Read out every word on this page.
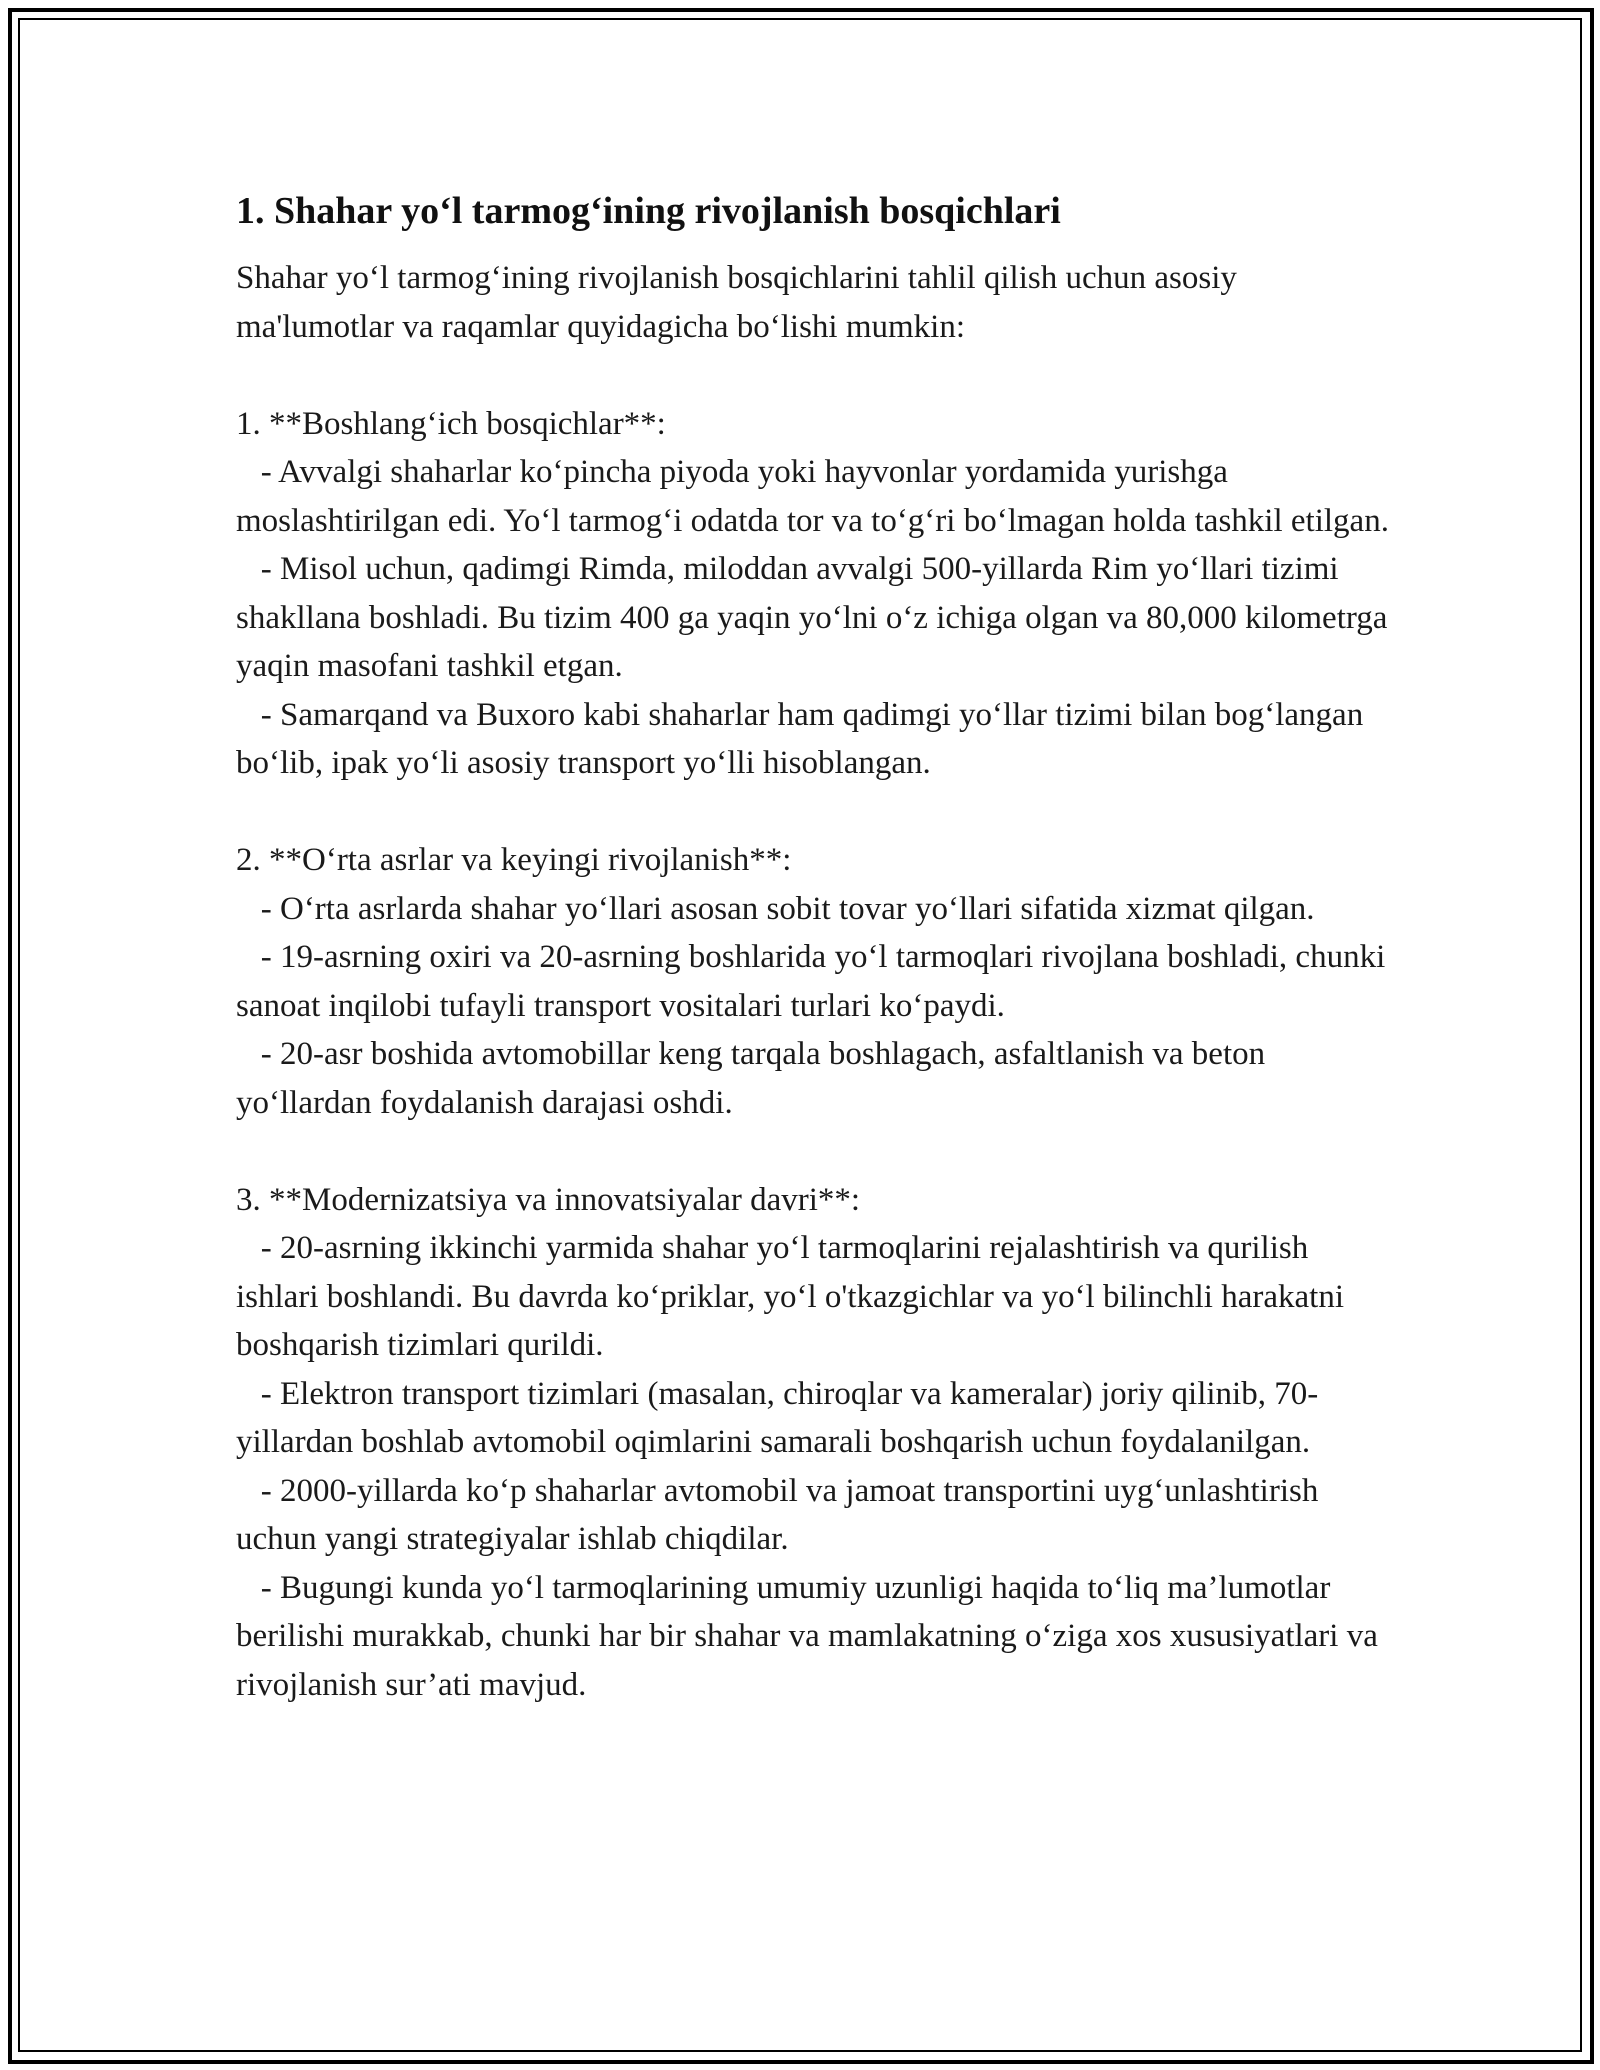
1. Shahar yo‘l tarmog‘ining rivojlanish bosqichlari

Shahar yo‘l tarmog‘ining rivojlanish bosqichlarini tahlil qilish uchun asosiy ma'lumotlar va raqamlar quyidagicha bo‘lishi mumkin:

1. **Boshlang‘ich bosqichlar**:

- Avvalgi shaharlar ko‘pincha piyoda yoki hayvonlar yordamida yurishga moslashtirilgan edi. Yo‘l tarmog‘i odatda tor va to‘g‘ri bo‘lmagan holda tashkil etilgan.

- Misol uchun, qadimgi Rimda, miloddan avvalgi 500-yillarda Rim yo‘llari tizimi shakllana boshladi. Bu tizim 400 ga yaqin yo‘lni o‘z ichiga olgan va 80,000 kilometrga yaqin masofani tashkil etgan.

- Samarqand va Buxoro kabi shaharlar ham qadimgi yo‘llar tizimi bilan bog‘langan bo‘lib, ipak yo‘li asosiy transport yo‘lli hisoblangan.

2. **O‘rta asrlar va keyingi rivojlanish**:

- O‘rta asrlarda shahar yo‘llari asosan sobit tovar yo‘llari sifatida xizmat qilgan.

- 19-asrning oxiri va 20-asrning boshlarida yo‘l tarmoqlari rivojlana boshladi, chunki sanoat inqilobi tufayli transport vositalari turlari ko‘paydi.

- 20-asr boshida avtomobillar keng tarqala boshlagach, asfaltlanish va beton yo‘llardan foydalanish darajasi oshdi.

3. **Modernizatsiya va innovatsiyalar davri**:

- 20-asrning ikkinchi yarmida shahar yo‘l tarmoqlarini rejalashtirish va qurilish ishlari boshlandi. Bu davrda ko‘priklar, yo‘l o'tkazgichlar va yo‘l bilinchli harakatni boshqarish tizimlari qurildi.

- Elektron transport tizimlari (masalan, chiroqlar va kameralar) joriy qilinib, 70-yillardan boshlab avtomobil oqimlarini samarali boshqarish uchun foydalanilgan.

- 2000-yillarda ko‘p shaharlar avtomobil va jamoat transportini uyg‘unlashtirish uchun yangi strategiyalar ishlab chiqdilar.

- Bugungi kunda yo‘l tarmoqlarining umumiy uzunligi haqida to‘liq ma’lumotlar berilishi murakkab, chunki har bir shahar va mamlakatning o‘ziga xos xususiyatlari va rivojlanish sur’ati mavjud.
